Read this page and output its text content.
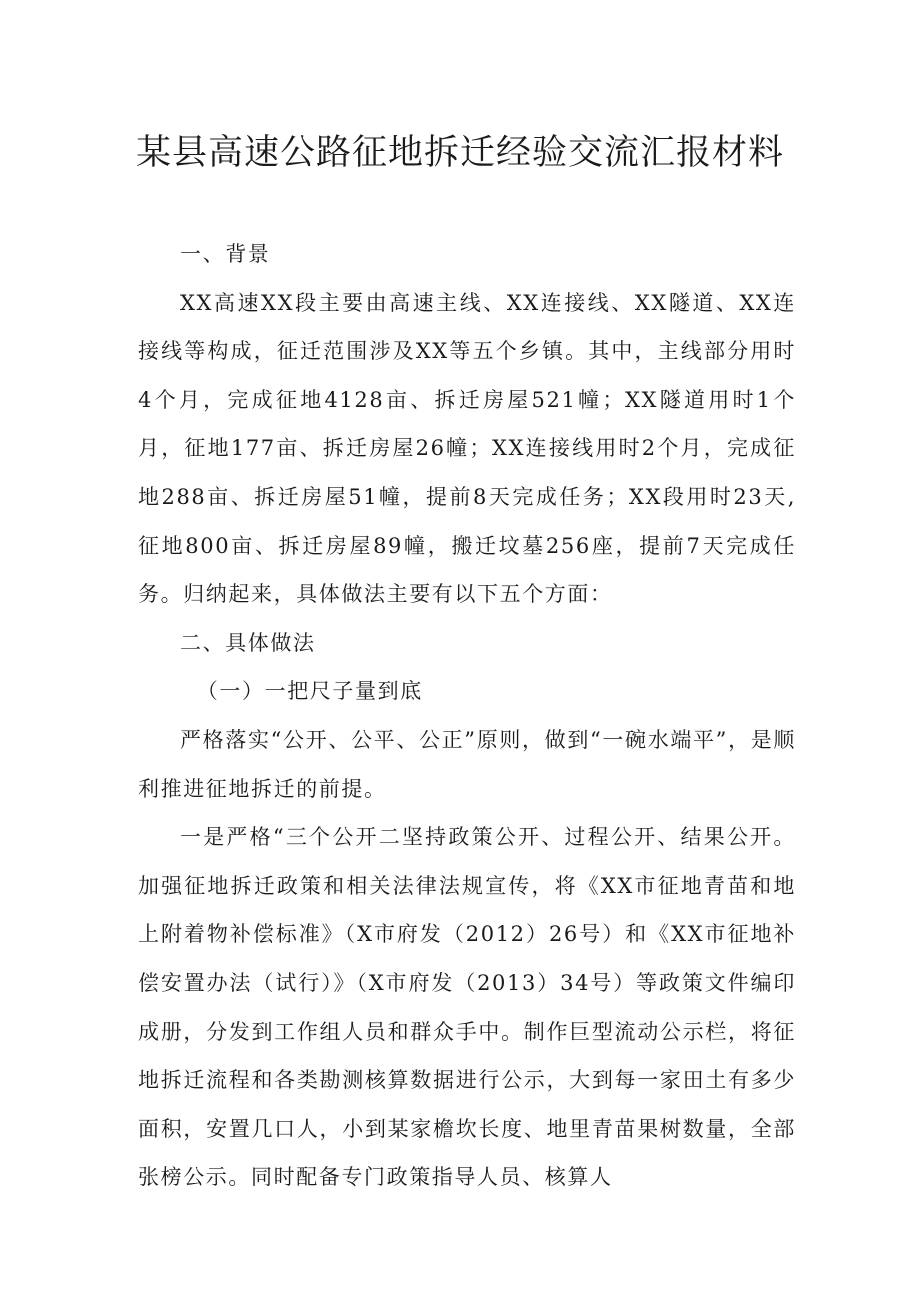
某县高速公路征地拆迁经验交流汇报材料

一、背景

XX高速XX段主要由高速主线、XX连接线、XX隧道、XX连接线等构成，征迁范围涉及XX等五个乡镇。其中，主线部分用时4个月，完成征地4128亩、拆迁房屋521幢；XX隧道用时1个月，征地177亩、拆迁房屋26幢；XX连接线用时2个月，完成征地288亩、拆迁房屋51幢，提前8天完成任务；XX段用时23天,征地800亩、拆迁房屋89幢，搬迁坟墓256座，提前7天完成任务。归纳起来，具体做法主要有以下五个方面：

二、具体做法

（一）一把尺子量到底

严格落实“公开、公平、公正”原则，做到“一碗水端平”，是顺利推进征地拆迁的前提。

一是严格“三个公开二坚持政策公开、过程公开、结果公开。加强征地拆迁政策和相关法律法规宣传，将《XX市征地青苗和地上附着物补偿标准》（X市府发（2012）26号）和《XX市征地补偿安置办法（试行）》（X市府发（2013）34号）等政策文件编印成册，分发到工作组人员和群众手中。制作巨型流动公示栏，将征地拆迁流程和各类勘测核算数据进行公示，大到每一家田土有多少面积，安置几口人，小到某家檐坎长度、地里青苗果树数量，全部张榜公示。同时配备专门政策指导人员、核算人
